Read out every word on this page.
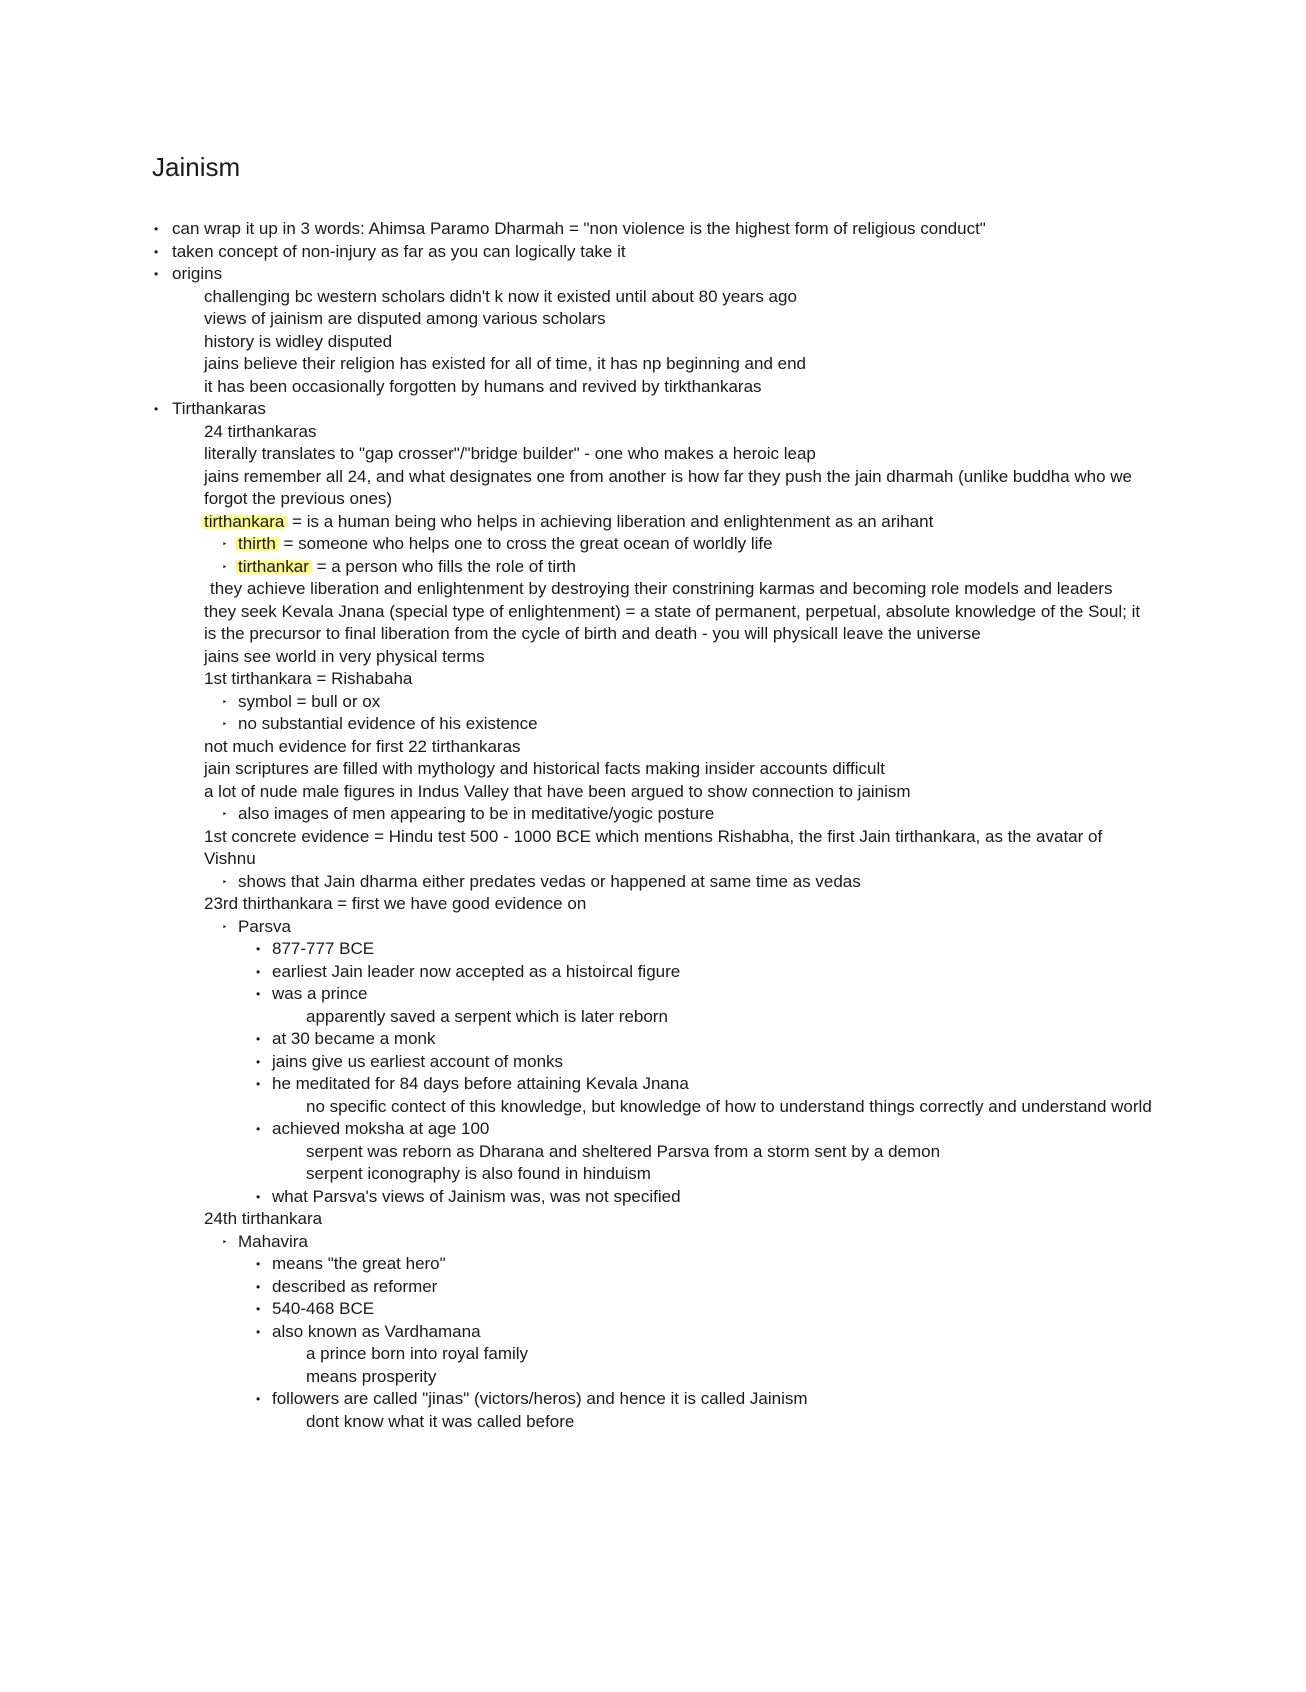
Jainism

• can wrap it up in 3 words: Ahimsa Paramo Dharmah = "non violence is the highest form of religious conduct"

• taken concept of non-injury as far as you can logically take it

• origins

challenging bc western scholars didn't k now it existed until about 80 years ago

views of jainism are disputed among various scholars

history is widley disputed

jains believe their religion has existed for all of time, it has np beginning and end

it has been occasionally forgotten by humans and revived by tirkthankaras

• Tirthankaras

24 tirthankaras

literally translates to "gap crosser"/"bridge builder" - one who makes a heroic leap

jains remember all 24, and what designates one from another is how far they push the jain dharmah (unlike buddha who we forgot the previous ones)

tirthankara = is a human being who helps in achieving liberation and enlightenment as an arihant

‣ thirth = someone who helps one to cross the great ocean of worldly life

‣ tirthankar = a person who fills the role of tirth

they achieve liberation and enlightenment by destroying their constrining karmas and becoming role models and leaders

they seek Kevala Jnana (special type of enlightenment) = a state of permanent, perpetual, absolute knowledge of the Soul; it is the precursor to final liberation from the cycle of birth and death - you will physicall leave the universe

jains see world in very physical terms

1st tirthankara = Rishabaha

‣ symbol = bull or ox

‣ no substantial evidence of his existence

not much evidence for first 22 tirthankaras

jain scriptures are filled with mythology and historical facts making insider accounts difficult

a lot of nude male figures in Indus Valley that have been argued to show connection to jainism

‣ also images of men appearing to be in meditative/yogic posture

1st concrete evidence = Hindu test 500 - 1000 BCE which mentions Rishabha, the first Jain tirthankara, as the avatar of Vishnu

‣ shows that Jain dharma either predates vedas or happened at same time as vedas

23rd thirthankara = first we have good evidence on

‣ Parsva

• 877-777 BCE

• earliest Jain leader now accepted as a histoircal figure

• was a prince

apparently saved a serpent which is later reborn

• at 30 became a monk

• jains give us earliest account of monks

• he meditated for 84 days before attaining Kevala Jnana

no specific contect of this knowledge, but knowledge of how to understand things correctly and understand world

• achieved moksha at age 100

serpent was reborn as Dharana and sheltered Parsva from a storm sent by a demon

serpent iconography is also found in hinduism

• what Parsva's views of Jainism was, was not specified

24th tirthankara

‣ Mahavira

• means "the great hero"

• described as reformer

• 540-468 BCE

• also known as Vardhamana

a prince born into royal family

means prosperity

• followers are called "jinas" (victors/heros) and hence it is called Jainism

dont know what it was called before
